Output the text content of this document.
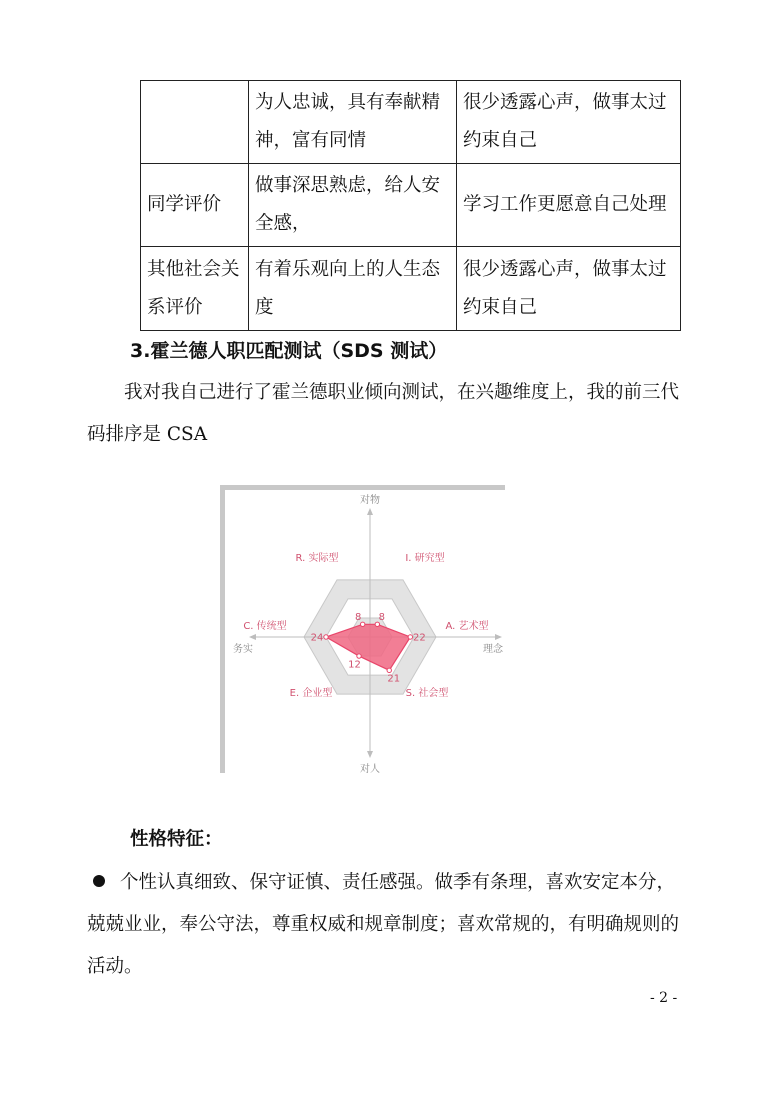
	为人忠诚，具有奉献精神，富有同情	很少透露心声，做事太过约束自己
同学评价	做事深思熟虑，给人安全感，	学习工作更愿意自己处理
其他社会关系评价	有着乐观向上的人生态度	很少透露心声，做事太过约束自己
3.霍兰德人职匹配测试（SDS 测试）
我对我自己进行了霍兰德职业倾向测试，在兴趣维度上，我的前三代码排序是 CSA
对物
对人
务实	理念
8
22
21
12
24
8
I. 研究型
A. 艺术型
S. 社会型
E. 企业型
C. 传统型
R. 实际型
性格特征：
个性认真细致、保守证慎、责任感强。做季有条理，喜欢安定本分，兢兢业业，奉公守法，尊重权威和规章制度；喜欢常规的，有明确规则的活动。
- 2 -
